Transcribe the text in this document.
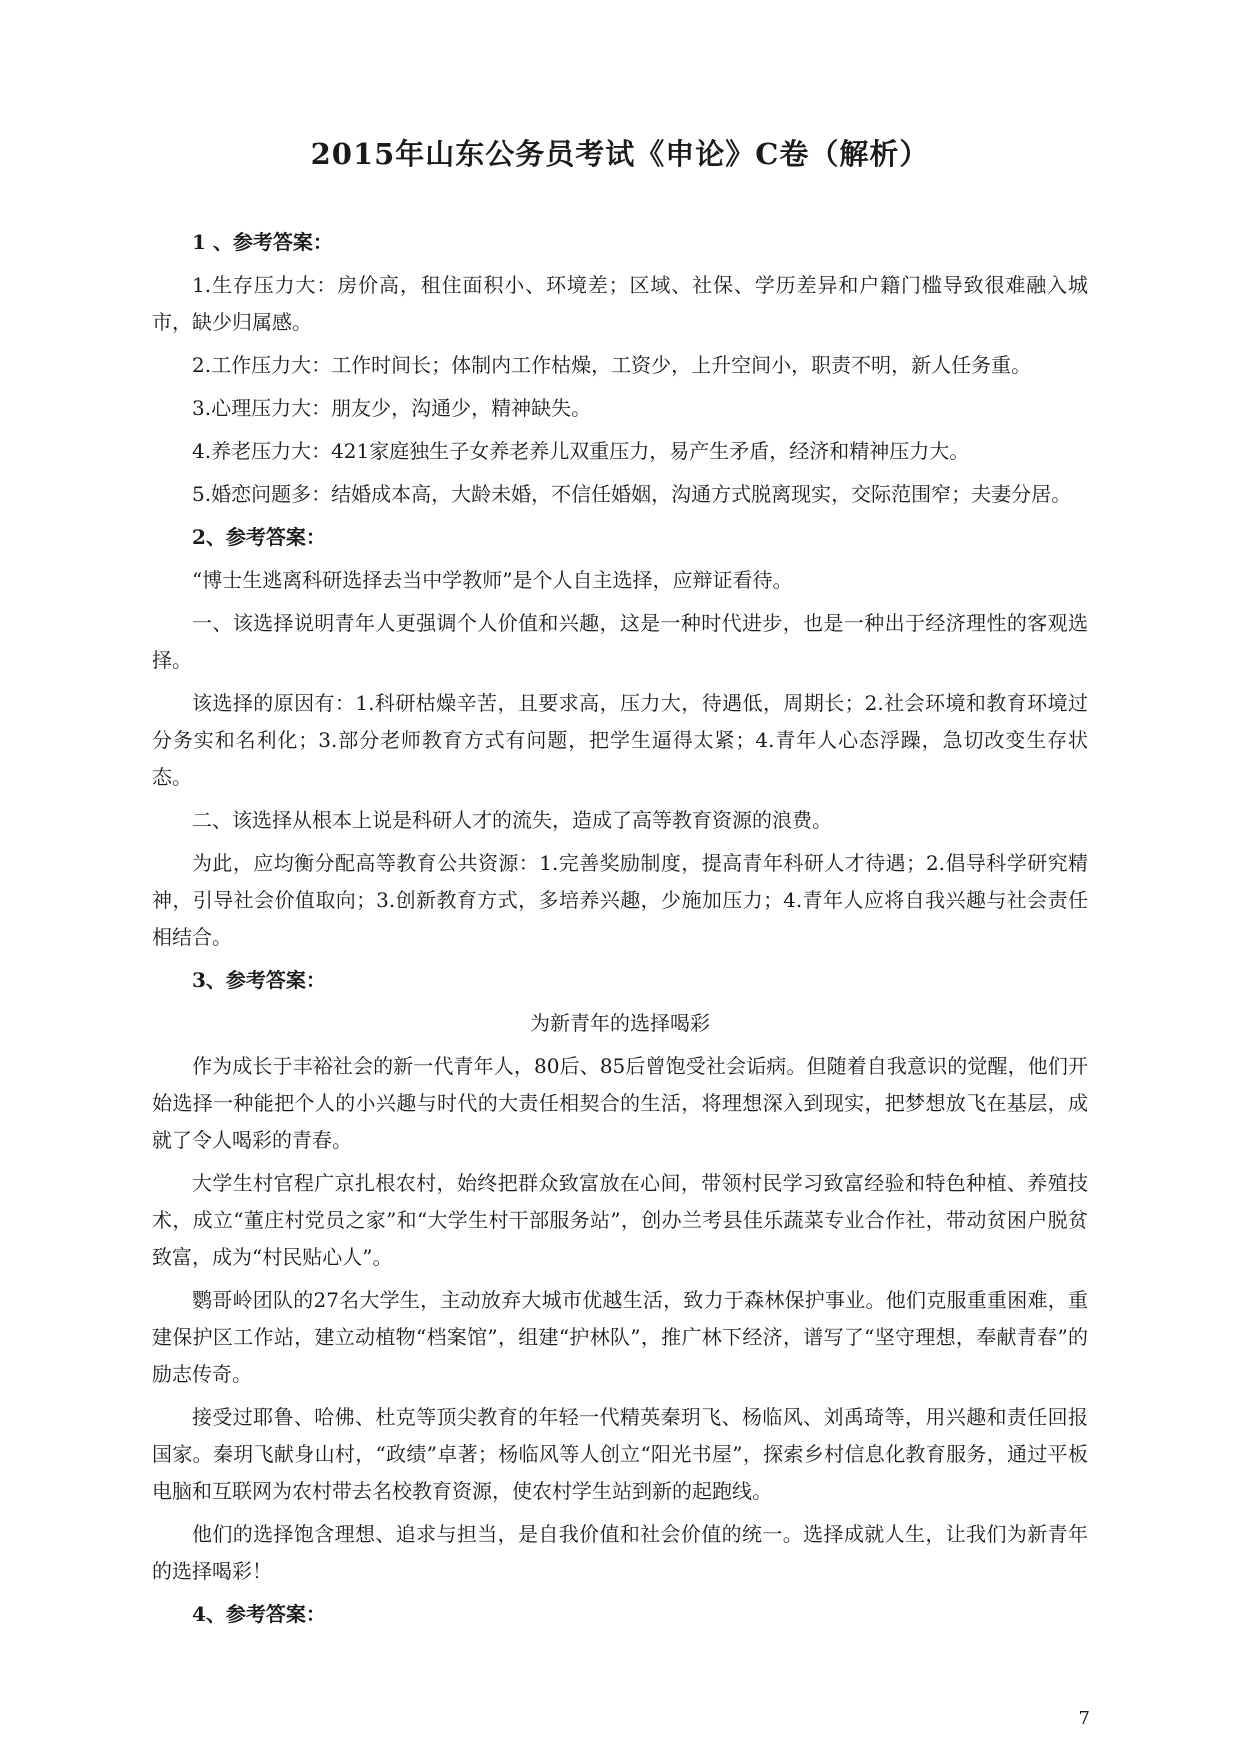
2015年山东公务员考试《申论》C卷（解析）

1 、参考答案：

1.生存压力大：房价高，租住面积小、环境差；区域、社保、学历差异和户籍门槛导致很难融入城市，缺少归属感。

2.工作压力大：工作时间长；体制内工作枯燥，工资少，上升空间小，职责不明，新人任务重。

3.心理压力大：朋友少，沟通少，精神缺失。

4.养老压力大：421家庭独生子女养老养儿双重压力，易产生矛盾，经济和精神压力大。

5.婚恋问题多：结婚成本高，大龄未婚，不信任婚姻，沟通方式脱离现实，交际范围窄；夫妻分居。

2、参考答案：

“博士生逃离科研选择去当中学教师”是个人自主选择，应辩证看待。

一、该选择说明青年人更强调个人价值和兴趣，这是一种时代进步，也是一种出于经济理性的客观选择。

该选择的原因有：1.科研枯燥辛苦，且要求高，压力大，待遇低，周期长；2.社会环境和教育环境过分务实和名利化；3.部分老师教育方式有问题，把学生逼得太紧；4.青年人心态浮躁，急切改变生存状态。

二、该选择从根本上说是科研人才的流失，造成了高等教育资源的浪费。

为此，应均衡分配高等教育公共资源：1.完善奖励制度，提高青年科研人才待遇；2.倡导科学研究精神，引导社会价值取向；3.创新教育方式，多培养兴趣，少施加压力；4.青年人应将自我兴趣与社会责任相结合。

3、参考答案：

为新青年的选择喝彩

作为成长于丰裕社会的新一代青年人，80后、85后曾饱受社会诟病。但随着自我意识的觉醒，他们开始选择一种能把个人的小兴趣与时代的大责任相契合的生活，将理想深入到现实，把梦想放飞在基层，成就了令人喝彩的青春。

大学生村官程广京扎根农村，始终把群众致富放在心间，带领村民学习致富经验和特色种植、养殖技术，成立“董庄村党员之家”和“大学生村干部服务站”，创办兰考县佳乐蔬菜专业合作社，带动贫困户脱贫致富，成为“村民贴心人”。

鹦哥岭团队的27名大学生，主动放弃大城市优越生活，致力于森林保护事业。他们克服重重困难，重建保护区工作站，建立动植物“档案馆”，组建“护林队”，推广林下经济，谱写了“坚守理想，奉献青春”的励志传奇。

接受过耶鲁、哈佛、杜克等顶尖教育的年轻一代精英秦玥飞、杨临风、刘禹琦等，用兴趣和责任回报国家。秦玥飞献身山村，“政绩”卓著；杨临风等人创立“阳光书屋”，探索乡村信息化教育服务，通过平板电脑和互联网为农村带去名校教育资源，使农村学生站到新的起跑线。

他们的选择饱含理想、追求与担当，是自我价值和社会价值的统一。选择成就人生，让我们为新青年的选择喝彩！

4、参考答案：

7
